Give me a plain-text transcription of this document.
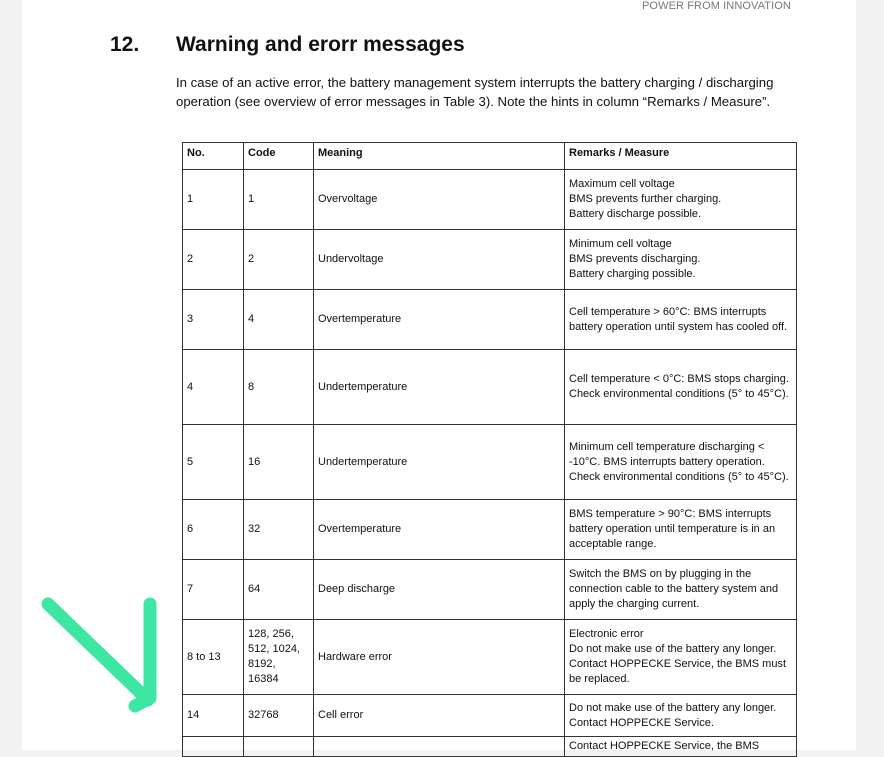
POWER FROM INNOVATION
12. Warning and erorr messages
In case of an active error, the battery management system interrupts the battery charging / discharging operation (see overview of error messages in Table 3). Note the hints in column “Remarks / Measure”.
No.	Code	Meaning	Remarks / Measure
1	1	Overvoltage	Maximum cell voltage
BMS prevents further charging.
Battery discharge possible.

2	2	Undervoltage	Minimum cell voltage
BMS prevents discharging.
Battery charging possible.

3	4	Overtemperature	Cell temperature > 60°C: BMS interrupts battery operation until system has cooled off.

4	8	Undertemperature	Cell temperature < 0°C: BMS stops charging.
Check environmental conditions (5° to 45°C).

5	16	Undertemperature	Minimum cell temperature discharging < -10°C. BMS interrupts battery operation.
Check environmental conditions (5° to 45°C).

6	32	Overtemperature	BMS temperature > 90°C: BMS interrupts battery operation until temperature is in an acceptable range.

7	64	Deep discharge	Switch the BMS on by plugging in the connection cable to the battery system and apply the charging current.

8 to 13	128, 256, 512, 1024, 8192, 16384	Hardware error	Electronic error
Do not make use of the battery any longer.
Contact HOPPECKE Service, the BMS must be replaced.

14	32768	Cell error	Do not make use of the battery any longer.
Contact HOPPECKE Service.

			Contact HOPPECKE Service, the BMS
